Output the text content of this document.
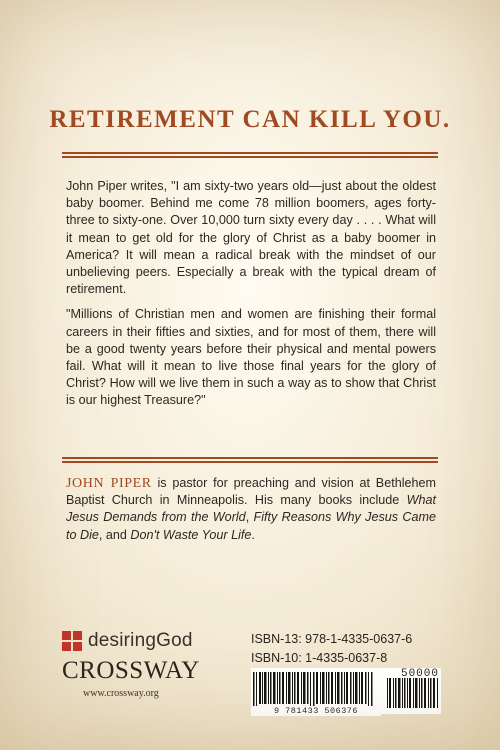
RETIREMENT CAN KILL YOU.

John Piper writes, "I am sixty-two years old—just about the oldest baby boomer. Behind me come 78 million boomers, ages forty-three to sixty-one. Over 10,000 turn sixty every day . . . . What will it mean to get old for the glory of Christ as a baby boomer in America? It will mean a radical break with the mindset of our unbelieving peers. Especially a break with the typical dream of retirement.

"Millions of Christian men and women are finishing their formal careers in their fifties and sixties, and for most of them, there will be a good twenty years before their physical and mental powers fail. What will it mean to live those final years for the glory of Christ? How will we live them in such a way as to show that Christ is our highest Treasure?"

JOHN PIPER is pastor for preaching and vision at Bethlehem Baptist Church in Minneapolis. His many books include What Jesus Demands from the World, Fifty Reasons Why Jesus Came to Die, and Don't Waste Your Life.
desiringGod
CROSSWAY
www.crossway.org
ISBN-13: 978-1-4335-0637-6
ISBN-10: 1-4335-0637-8
50000
9 781433 506376
